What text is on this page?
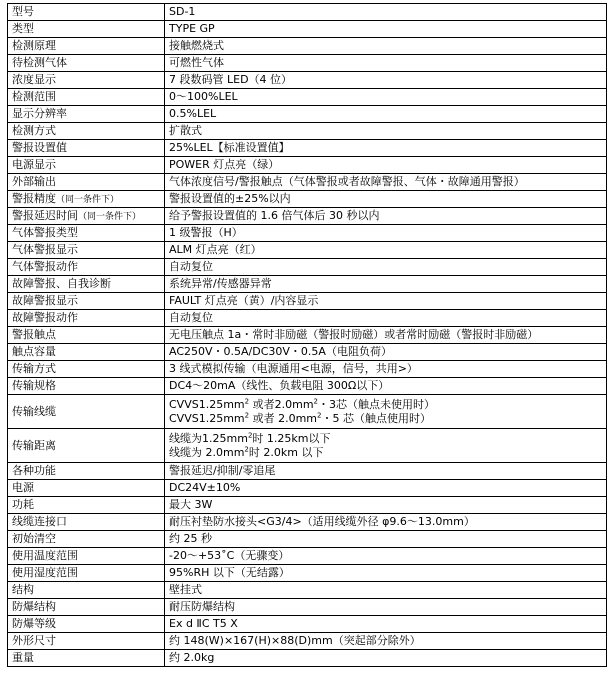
型号	SD-1
类型	TYPE GP
检测原理	接触燃烧式
待检测气体	可燃性气体
浓度显示	7 段数码管 LED（4 位）
检测范围	0～100%LEL
显示分辨率	0.5%LEL
检测方式	扩散式
警报设置值	25%LEL【标准设置值】
电源显示	POWER 灯点亮（绿）
外部输出	气体浓度信号/警报触点（气体警报或者故障警报、气体・故障通用警报）
警报精度（同一条件下）	警报设置值的±25%以内
警报延迟时间（同一条件下）	给予警报设置值的 1.6 倍气体后 30 秒以内
气体警报类型	1 级警报（H）
气体警报显示	ALM 灯点亮（红）
气体警报动作	自动复位
故障警报、自我诊断	系统异常/传感器异常
故障警报显示	FAULT 灯点亮（黄）/内容显示
故障警报动作	自动复位
警报触点	无电压触点 1a・常时非励磁（警报时励磁）或者常时励磁（警报时非励磁）
触点容量	AC250V・0.5A/DC30V・0.5A（电阻负荷）
传输方式	3 线式模拟传输（电源通用<电源，信号，共用>）
传输规格	DC4～20mA（线性、负载电阻 300Ω以下）
传输线缆	$CVVS1.25mm^2$ 或者$2.0mm^2$・3芯（触点未使用时）
$CVVS1.25mm^2$ 或者 $2.0mm^2$・5 芯（触点使用时）

传输距离	线缆为$1.25mm^2$时 1.25km以下
线缆为 $2.0mm^2$时 2.0km 以下

各种功能	警报延迟/抑制/零追尾
电源	DC24V±10%
功耗	最大 3W
线缆连接口	耐压衬垫防水接头<G3/4>（适用线缆外径 φ9.6～13.0mm）
初始清空	约 25 秒
使用温度范围	-20～+53˚C（无骤变）
使用湿度范围	95%RH 以下（无结露）
结构	壁挂式
防爆结构	耐压防爆结构
防爆等级	Ex d ⅡC T5 X
外形尺寸	约 148(W)×167(H)×88(D)mm（突起部分除外）
重量	约 2.0kg
